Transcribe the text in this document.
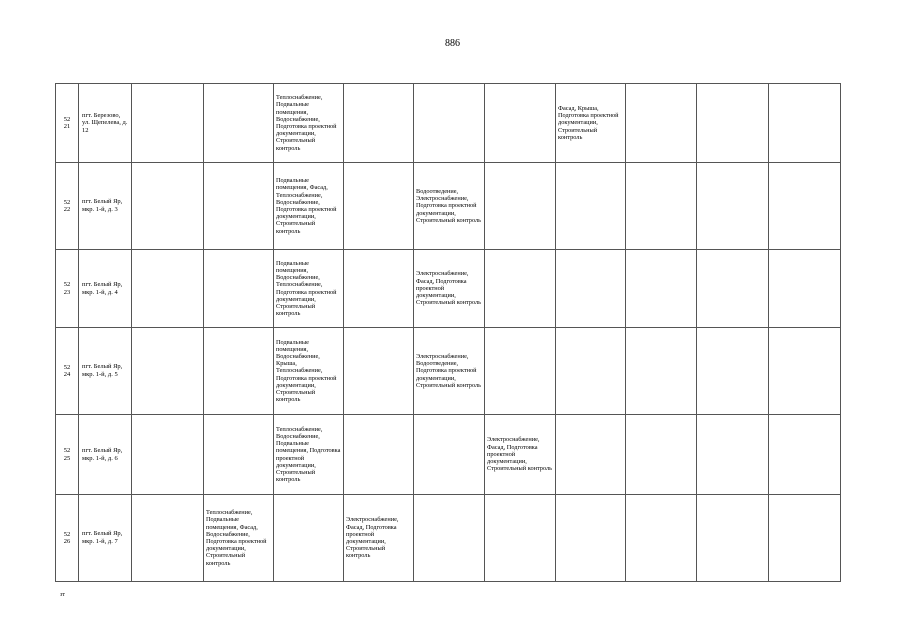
886
52
21	пгт. Березово, ул. Щепелева, д. 12			Теплоснабжение, Подвальные помещения, Водоснабжение, Подготовка проектной документации, Строительный контроль				Фасад, Крыша, Подготовка проектной документации, Строительный контроль			

52
22	пгт. Белый Яр, мкр. 1-й, д. 3			Подвальные помещения, Фасад, Теплоснабжение, Водоснабжение, Подготовка проектной документации, Строительный контроль		Водоотведение, Электроснабжение, Подготовка проектной документации, Строительный контроль					

52
23	пгт. Белый Яр, мкр. 1-й, д. 4			Подвальные помещения, Водоснабжение, Теплоснабжение, Подготовка проектной документации, Строительный контроль		Электроснабжение, Фасад, Подготовка проектной документации, Строительный контроль					

52
24	пгт. Белый Яр, мкр. 1-й, д. 5			Подвальные помещения, Водоснабжение, Крыша, Теплоснабжение, Подготовка проектной документации, Строительный контроль		Электроснабжение, Водоотведение, Подготовка проектной документации, Строительный контроль					

52
25	пгт. Белый Яр, мкр. 1-й, д. 6			Теплоснабжение, Водоснабжение, Подвальные помещения, Подготовка проектной документации, Строительный контроль			Электроснабжение, Фасад, Подготовка проектной документации, Строительный контроль				

52
26	пгт. Белый Яр, мкр. 1-й, д. 7		Теплоснабжение, Подвальные помещения, Фасад, Водоснабжение, Подготовка проектной документации, Строительный контроль		Электроснабжение, Фасад, Подготовка проектной документации, Строительный контроль						

зт
